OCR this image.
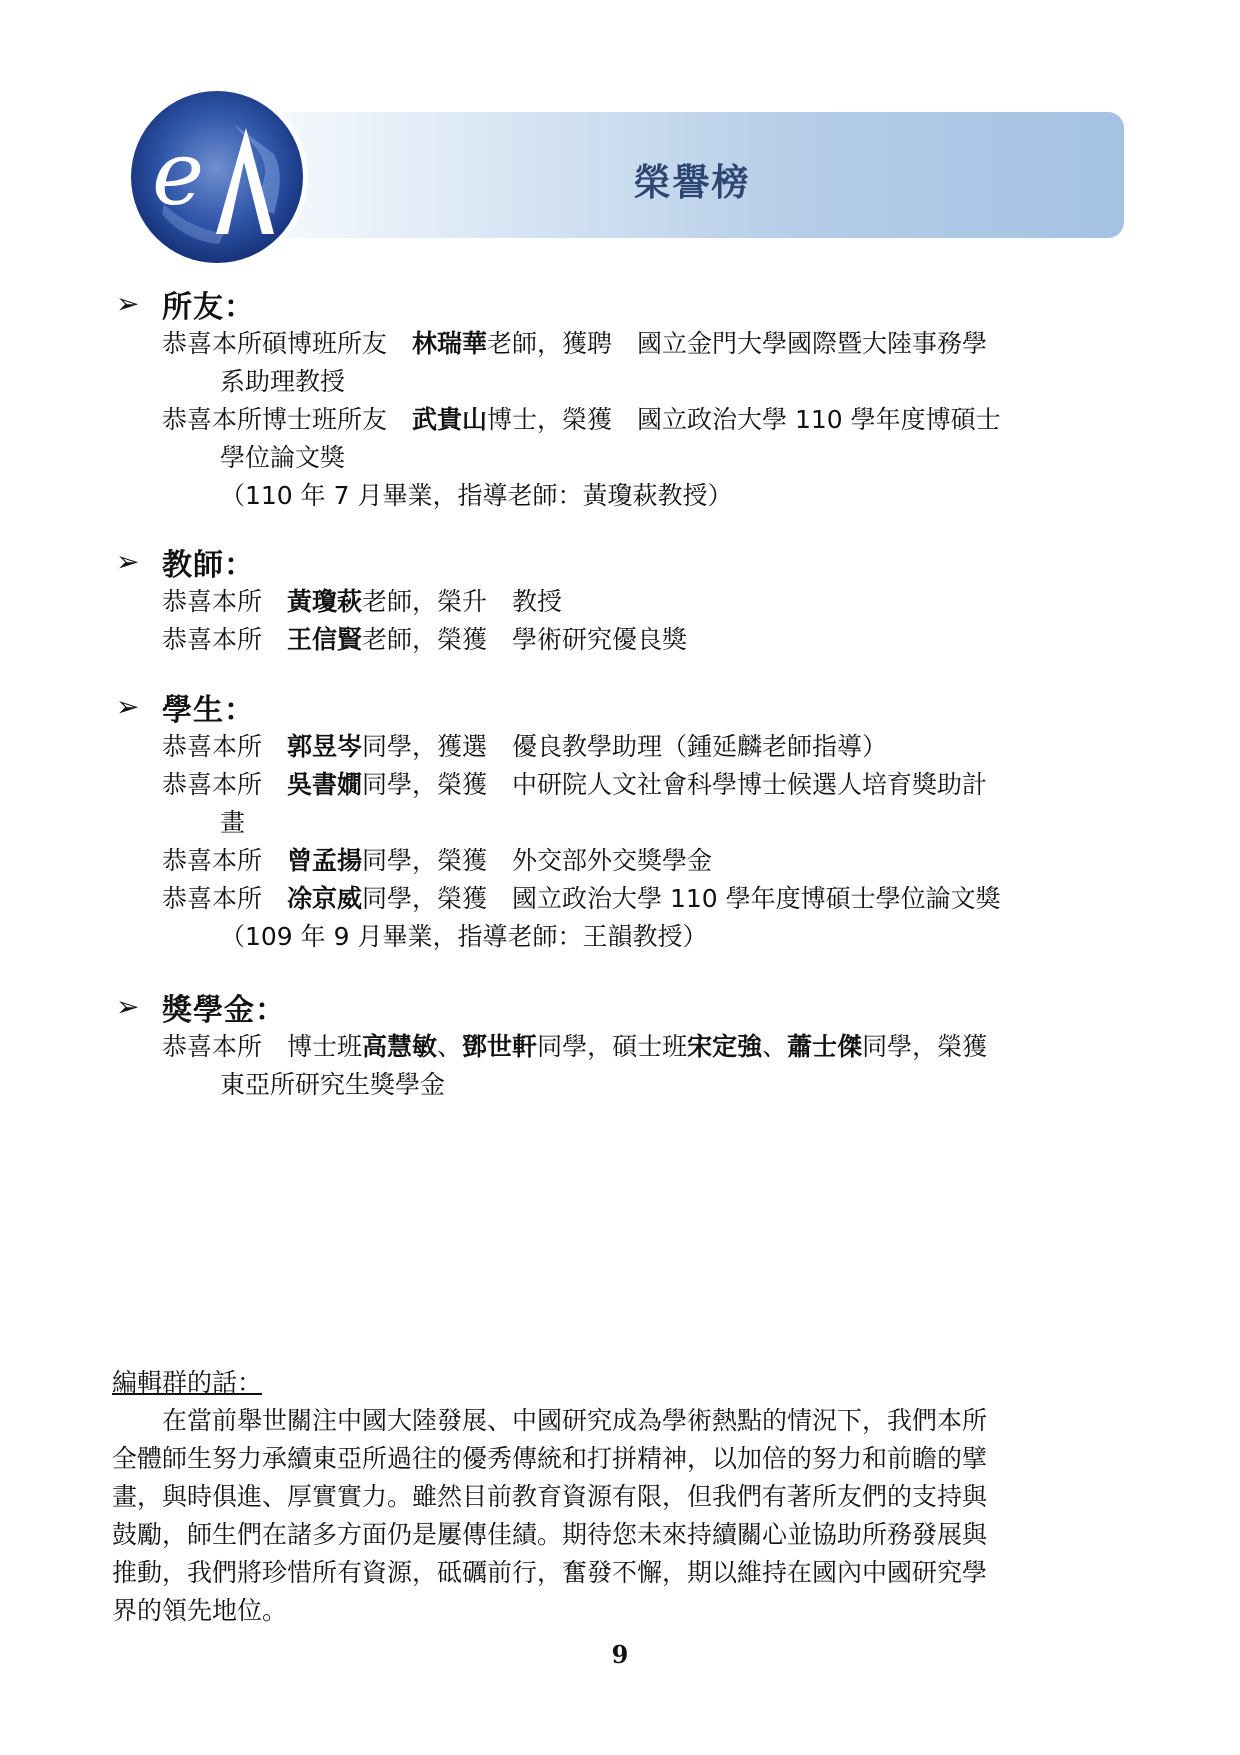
榮譽榜
e
➢ 所友：
恭喜本所碩博班所友　林瑞華老師，獲聘　國立金門大學國際暨大陸事務學
系助理教授
恭喜本所博士班所友　武貴山博士，榮獲　國立政治大學 110 學年度博碩士
學位論文獎
（110 年 7 月畢業，指導老師：黃瓊萩教授）
➢ 教師：
恭喜本所　黃瓊萩老師，榮升　教授
恭喜本所　王信賢老師，榮獲　學術研究優良獎
➢ 學生：
恭喜本所　郭昱岑同學，獲選　優良教學助理（鍾延麟老師指導）
恭喜本所　吳書嫺同學，榮獲　中研院人文社會科學博士候選人培育獎助計
畫
恭喜本所　曾孟揚同學，榮獲　外交部外交獎學金
恭喜本所　凃京威同學，榮獲　國立政治大學 110 學年度博碩士學位論文獎
（109 年 9 月畢業，指導老師：王韻教授）
➢ 獎學金：
恭喜本所　博士班高慧敏、鄧世軒同學，碩士班宋定強、蕭士傑同學，榮獲
東亞所研究生獎學金
編輯群的話：
　　在當前舉世關注中國大陸發展、中國研究成為學術熱點的情況下，我們本所
全體師生努力承續東亞所過往的優秀傳統和打拼精神，以加倍的努力和前瞻的擘
畫，與時俱進、厚實實力。雖然目前教育資源有限，但我們有著所友們的支持與
鼓勵，師生們在諸多方面仍是屢傳佳績。期待您未來持續關心並協助所務發展與
推動，我們將珍惜所有資源，砥礪前行，奮發不懈，期以維持在國內中國研究學
界的領先地位。
9
